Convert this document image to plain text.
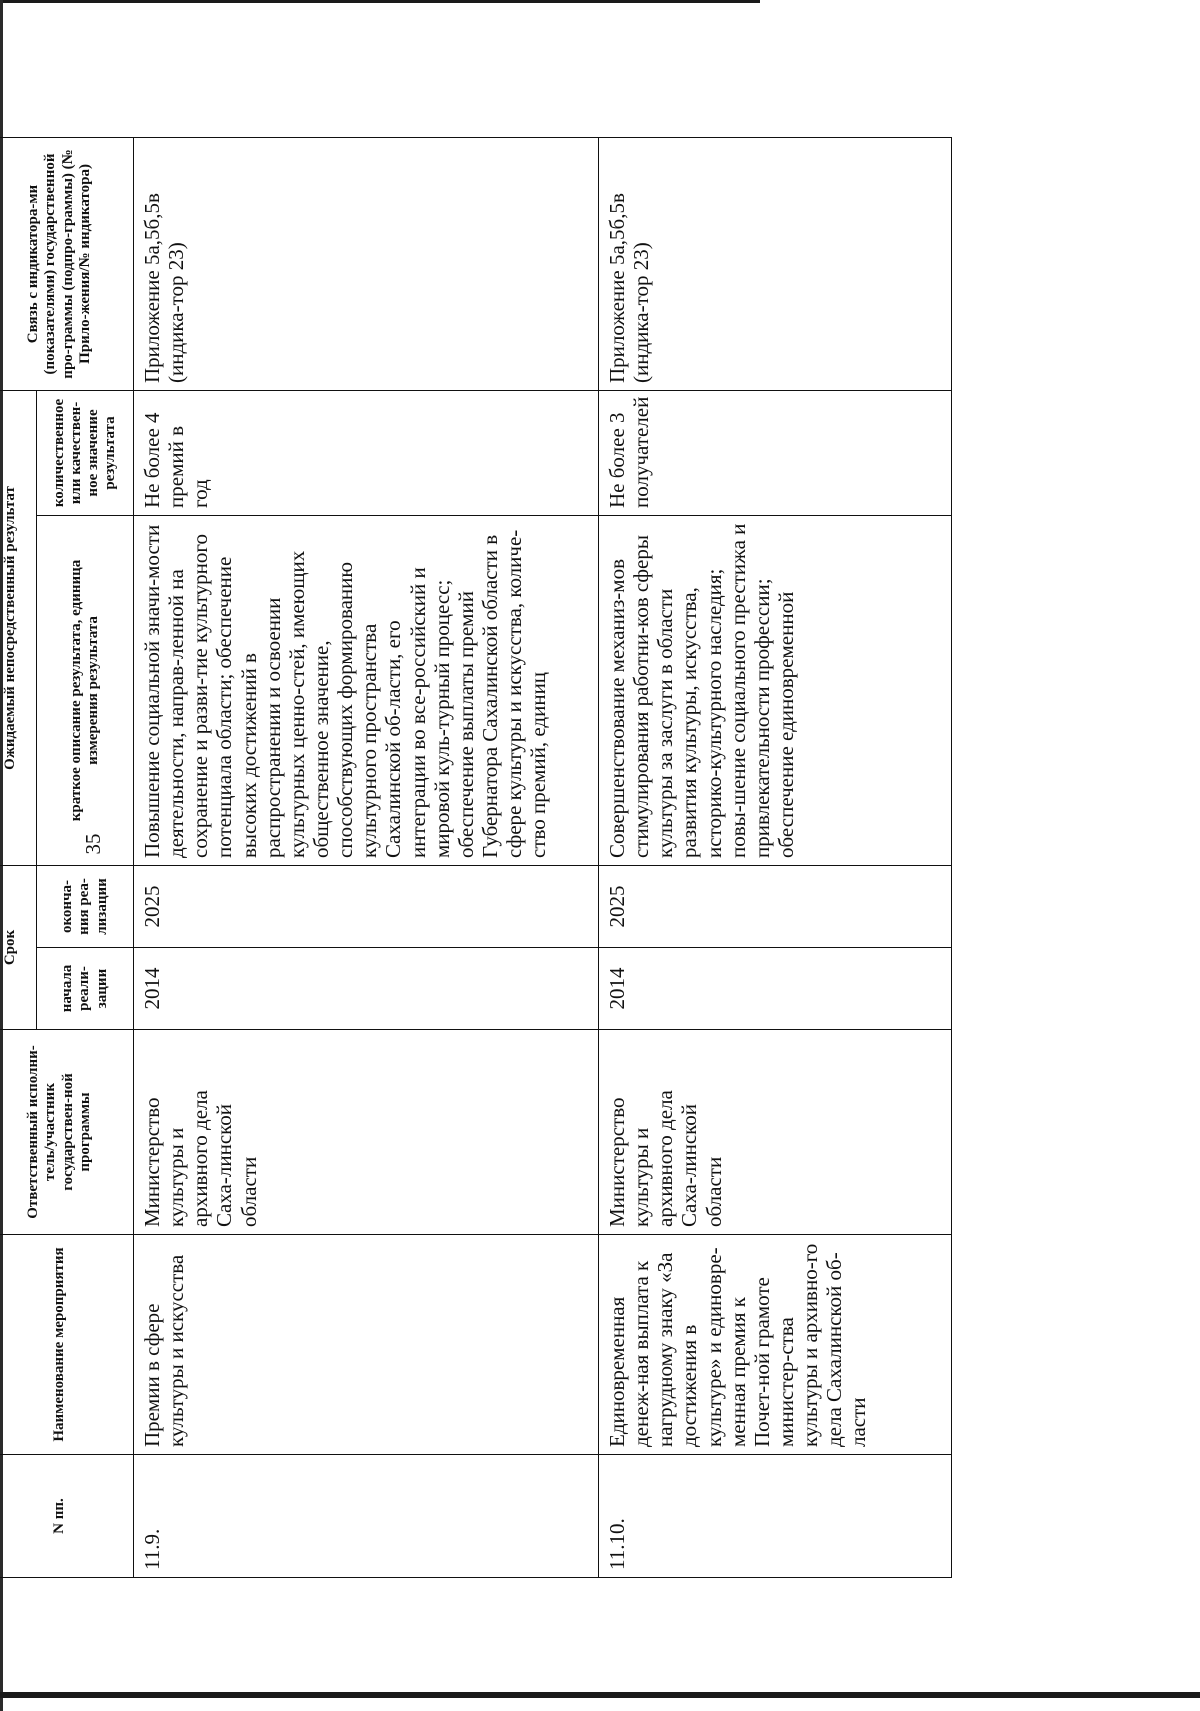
35
N пп.	Наименование мероприятия	Ответственный исполни-тель/участник государствен-ной программы	Срок		Ожидаемый непосредственный результат		Связь с индикатора-ми (показателями) государственной про-граммы (подпро-граммы) (№ Прило-жения/№ индикатора)
			начала реали-зации	оконча-ния реа-лизации	краткое описание результата, единица измерения результата	количественное или качествен-ное значение результата	
11.9.	Премии в сфере культуры и искусства	Министерство культуры и архивного дела Саха-линской области	2014	2025	Повышение социальной значи-мости деятельности, направ-ленной на сохранение и разви-тие культурного потенциала области; обеспечение высоких достижений в распространении и освоении культурных ценно-стей, имеющих общественное значение, способствующих формированию культурного пространства Сахалинской об-ласти, его интеграции во все-российский и мировой куль-турный процесс; обеспечение выплаты премий Губернатора Сахалинской области в сфере культуры и искусства, количе-ство премий, единиц	Не более 4 премий в год	Приложение 5а,5б,5в (индика-тор 23)
11.10.	Единовременная денеж-ная выплата к нагрудному знаку «За достижения в культуре» и единовре-менная премия к Почет-ной грамоте министер-ства культуры и архивно-го дела Сахалинской об-ласти	Министерство культуры и архивного дела Саха-линской области	2014	2025	Совершенствование механиз-мов стимулирования работни-ков сферы культуры за заслуги в области развития культуры, искусства, историко-культурного наследия; повы-шение социального престижа и привлекательности профессии; обеспечение единовременной	Не более 3 получателей	Приложение 5а,5б,5в (индика-тор 23)
